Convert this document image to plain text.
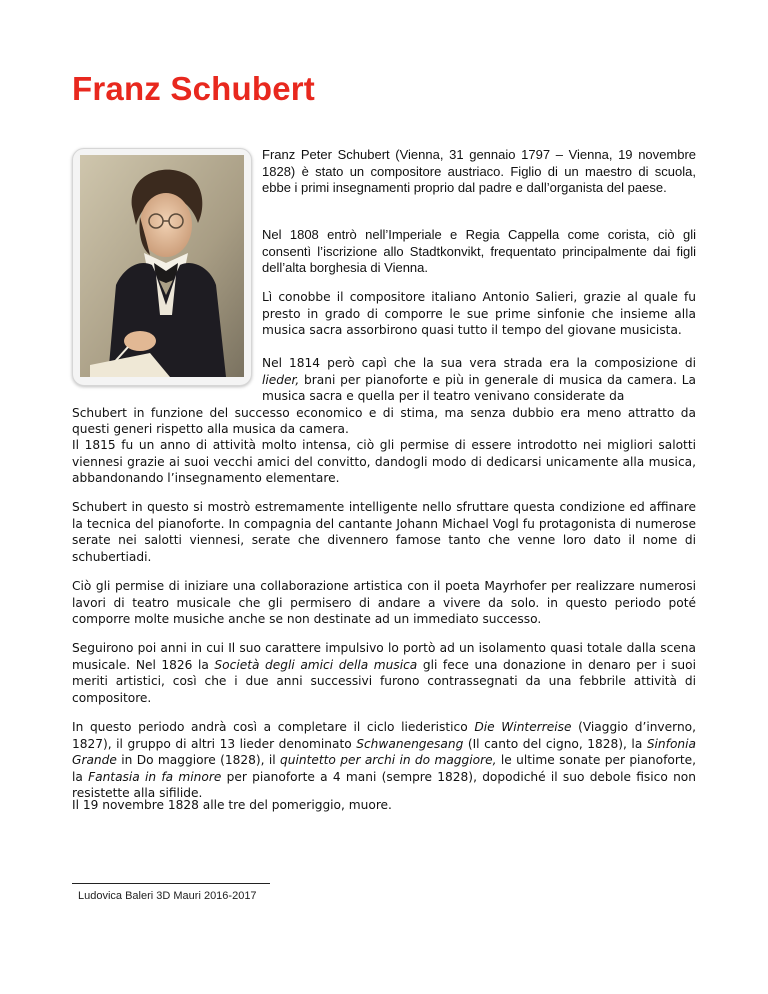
Franz Schubert

Franz Peter Schubert (Vienna, 31 gennaio 1797 – Vienna, 19 novembre 1828) è stato un compositore austriaco. Figlio di un maestro di scuola, ebbe i primi insegnamenti proprio dal padre e dall’organista del paese.

Nel 1808 entrò nell’Imperiale e Regia Cappella come corista, ciò gli consentì l’iscrizione allo Stadtkonvikt, frequentato principalmente dai figli dell’alta borghesia di Vienna.

Lì conobbe il compositore italiano Antonio Salieri, grazie al quale fu presto in grado di comporre le sue prime sinfonie che insieme alla musica sacra assorbirono quasi tutto il tempo del giovane musicista.

Nel 1814 però capì che la sua vera strada era la composizione di lieder, brani per pianoforte e più in generale di musica da camera. La musica sacra e quella per il teatro venivano considerate da
Schubert in funzione del successo economico e di stima, ma senza dubbio era meno attratto da questi generi rispetto alla musica da camera.

Il 1815 fu un anno di attività molto intensa, ciò gli permise di essere introdotto nei migliori salotti viennesi grazie ai suoi vecchi amici del convitto, dandogli modo di dedicarsi unicamente alla musica, abbandonando l’insegnamento elementare.

Schubert in questo si mostrò estremamente intelligente nello sfruttare questa condizione ed affinare la tecnica del pianoforte. In compagnia del cantante Johann Michael Vogl fu protagonista di numerose serate nei salotti viennesi, serate che divennero famose tanto che venne loro dato il nome di schubertiadi.

Ciò gli permise di iniziare una collaborazione artistica con il poeta Mayrhofer per realizzare numerosi lavori di teatro musicale che gli permisero di andare a vivere da solo. in questo periodo poté comporre molte musiche anche se non destinate ad un immediato successo.

Seguirono poi anni in cui Il suo carattere impulsivo lo portò ad un isolamento quasi totale dalla scena musicale. Nel 1826 la Società degli amici della musica gli fece una donazione in denaro per i suoi meriti artistici, così che i due anni successivi furono contrassegnati da una febbrile attività di compositore.

In questo periodo andrà così a completare il ciclo liederistico Die Winterreise (Viaggio d’inverno, 1827), il gruppo di altri 13 lieder denominato Schwanengesang (Il canto del cigno, 1828), la Sinfonia Grande in Do maggiore (1828), il quintetto per archi in do maggiore, le ultime sonate per pianoforte, la Fantasia in fa minore per pianoforte a 4 mani (sempre 1828), dopodiché il suo debole fisico non resistette alla sifilide.

Il 19 novembre 1828 alle tre del pomeriggio, muore.

Ludovica Baleri 3D Mauri 2016-2017
